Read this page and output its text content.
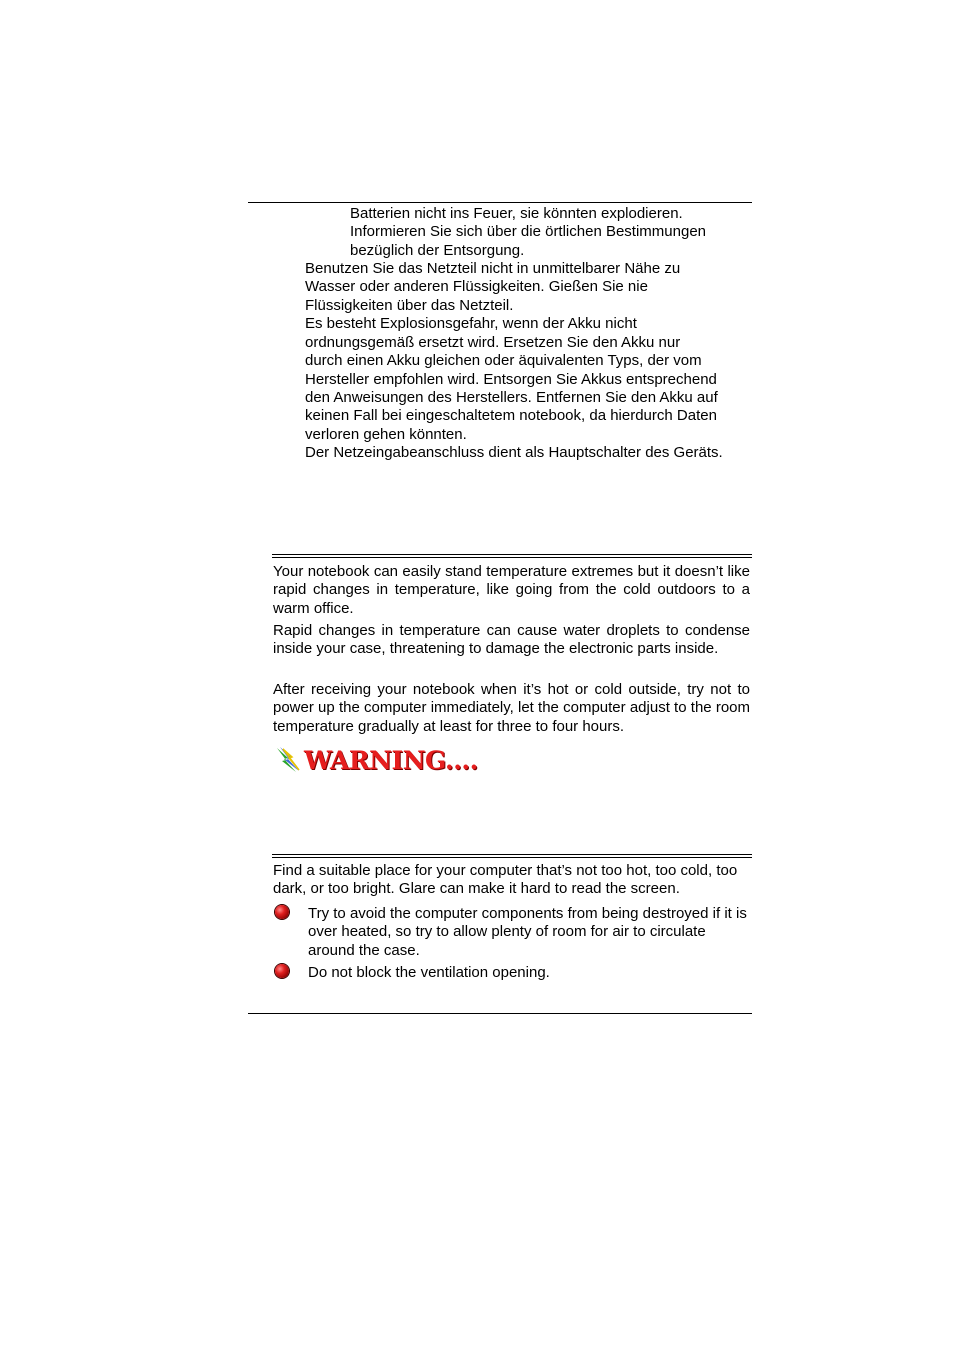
Batterien nicht ins Feuer, sie könnten explodieren.
Informieren Sie sich über die örtlichen Bestimmungen
bezüglich der Entsorgung.
Benutzen Sie das Netzteil nicht in unmittelbarer Nähe zu
Wasser oder anderen Flüssigkeiten. Gießen Sie nie
Flüssigkeiten über das Netzteil.
Es besteht Explosionsgefahr, wenn der Akku nicht
ordnungsgemäß ersetzt wird. Ersetzen Sie den Akku nur
durch einen Akku gleichen oder äquivalenten Typs, der vom
Hersteller empfohlen wird. Entsorgen Sie Akkus entsprechend
den Anweisungen des Herstellers. Entfernen Sie den Akku auf
keinen Fall bei eingeschaltetem notebook, da hierdurch Daten
verloren gehen könnten.
Der Netzeingabeanschluss dient als Hauptschalter des Geräts.
Your notebook can easily stand temperature extremes but it doesn’t like rapid changes in temperature, like going from the cold outdoors to a warm office.
Rapid changes in temperature can cause water droplets to condense inside your case, threatening to damage the electronic parts inside.
After receiving your notebook when it’s hot or cold outside, try not to power up the computer immediately, let the computer adjust to the room temperature gradually at least for three to four hours.
WARNING....
Find a suitable place for your computer that’s not too hot, too cold, too dark, or too bright. Glare can make it hard to read the screen.
Try to avoid the computer components from being destroyed if it is over heated, so try to allow plenty of room for air to circulate around the case.
Do not block the ventilation opening.
